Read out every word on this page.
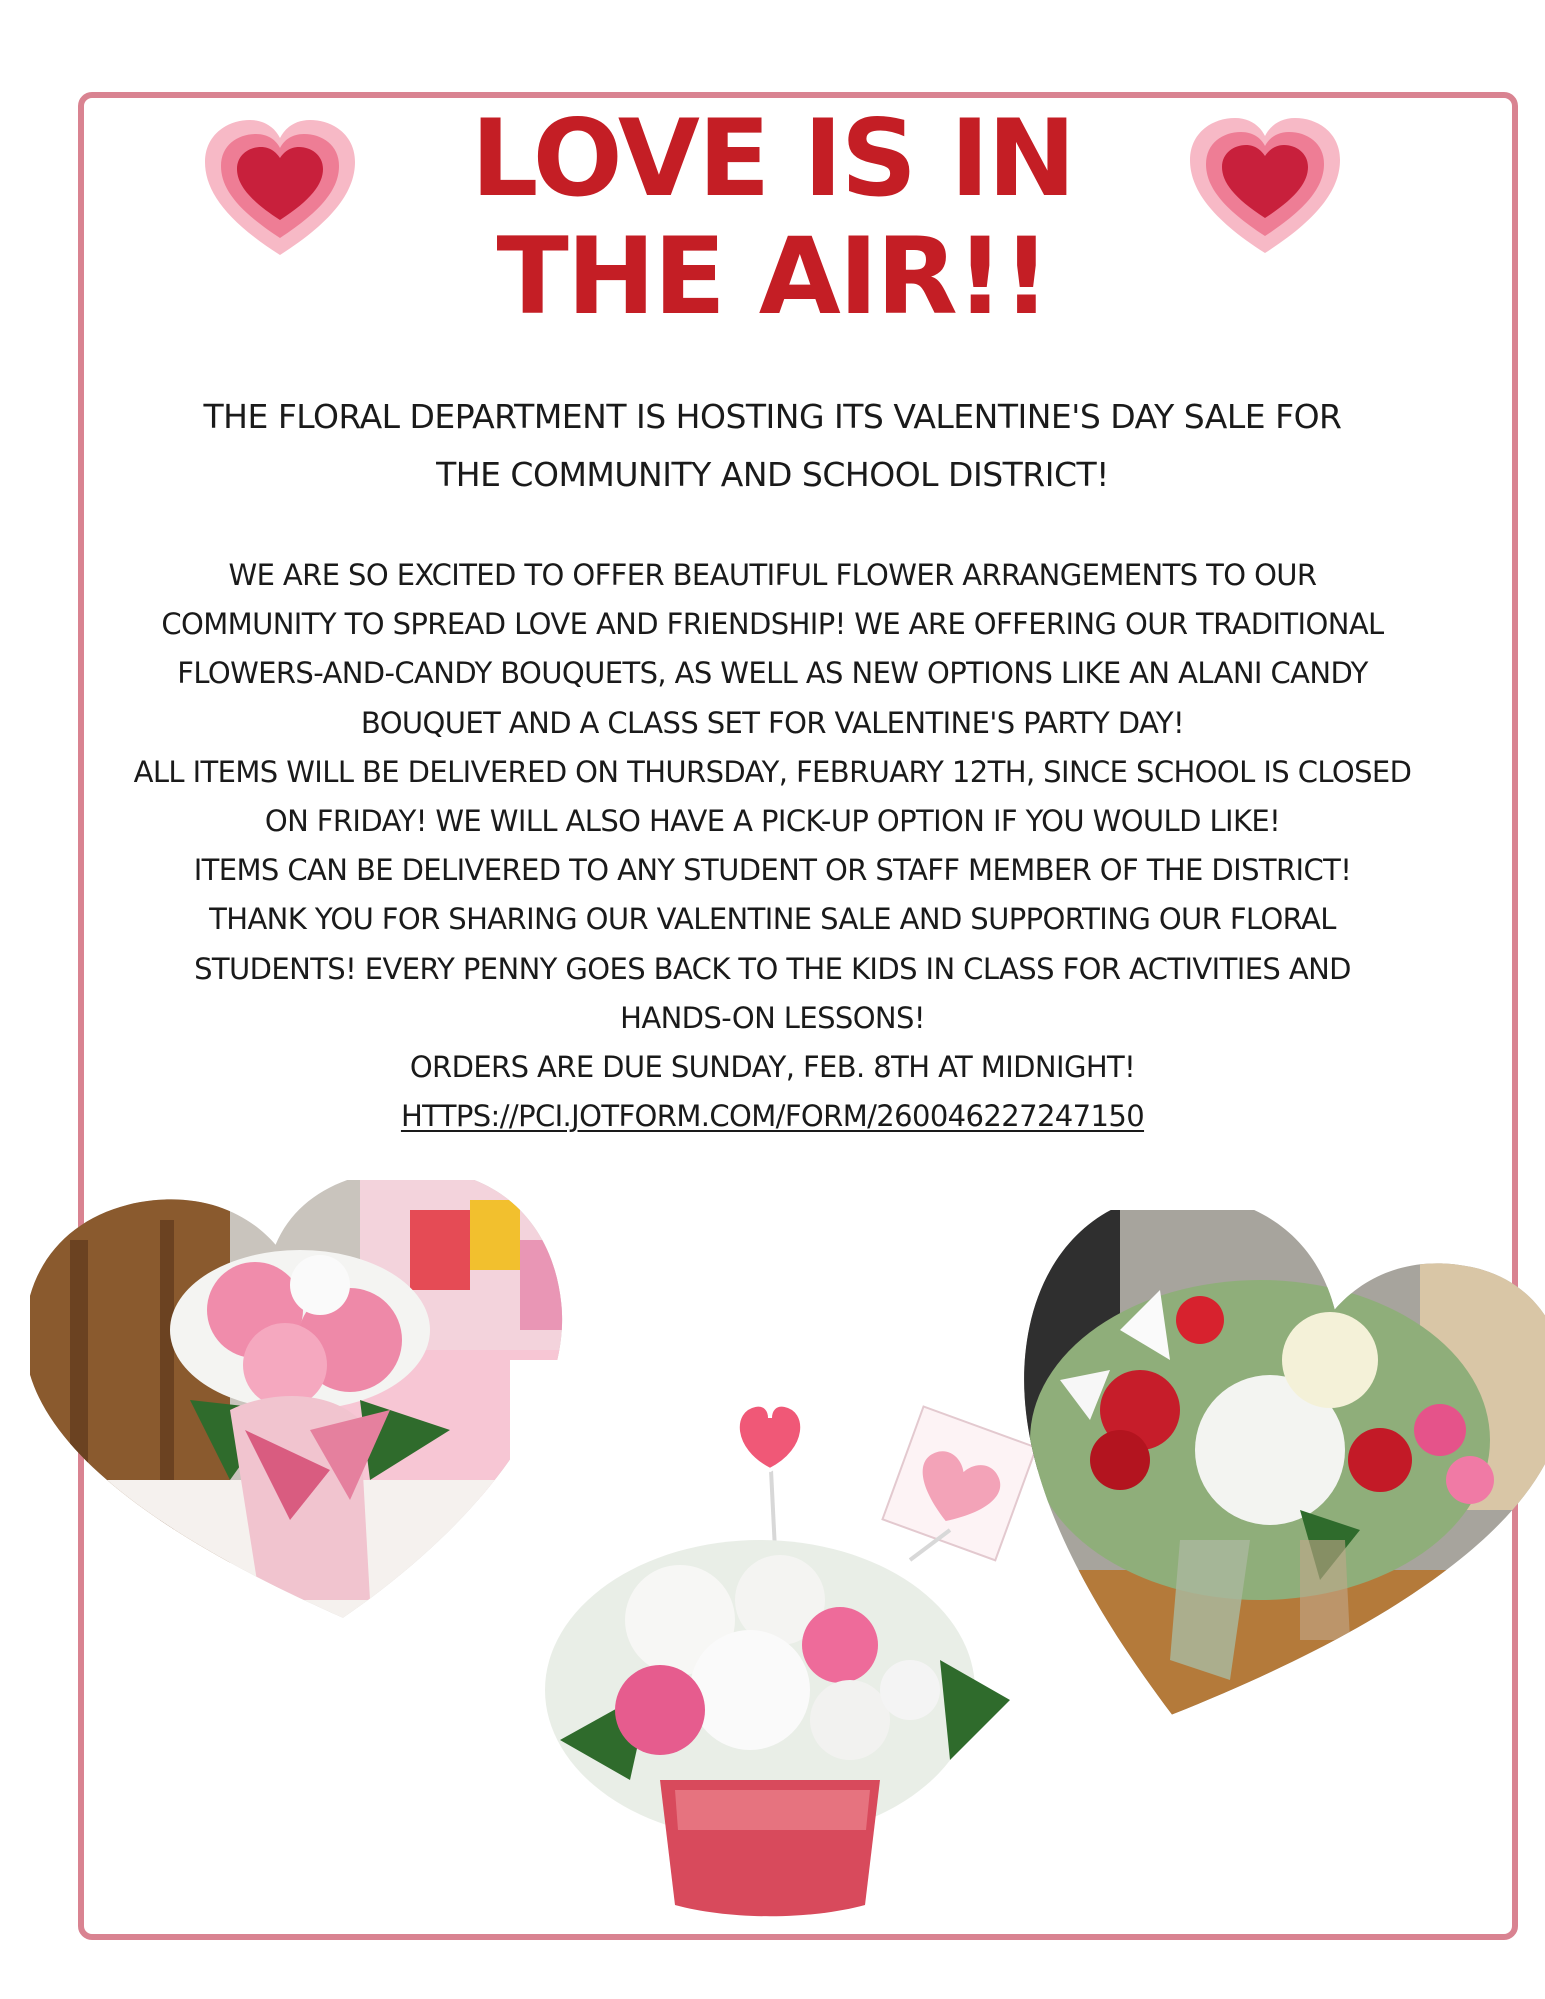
LOVE IS IN
THE AIR!!

THE FLORAL DEPARTMENT IS HOSTING ITS VALENTINE'S DAY SALE FOR
THE COMMUNITY AND SCHOOL DISTRICT!

WE ARE SO EXCITED TO OFFER BEAUTIFUL FLOWER ARRANGEMENTS TO OUR
COMMUNITY TO SPREAD LOVE AND FRIENDSHIP! WE ARE OFFERING OUR TRADITIONAL
FLOWERS-AND-CANDY BOUQUETS, AS WELL AS NEW OPTIONS LIKE AN ALANI CANDY
BOUQUET AND A CLASS SET FOR VALENTINE'S PARTY DAY!
ALL ITEMS WILL BE DELIVERED ON THURSDAY, FEBRUARY 12TH, SINCE SCHOOL IS CLOSED
ON FRIDAY! WE WILL ALSO HAVE A PICK-UP OPTION IF YOU WOULD LIKE!
ITEMS CAN BE DELIVERED TO ANY STUDENT OR STAFF MEMBER OF THE DISTRICT!
THANK YOU FOR SHARING OUR VALENTINE SALE AND SUPPORTING OUR FLORAL
STUDENTS! EVERY PENNY GOES BACK TO THE KIDS IN CLASS FOR ACTIVITIES AND
HANDS-ON LESSONS!
ORDERS ARE DUE SUNDAY, FEB. 8TH AT MIDNIGHT!
HTTPS://PCI.JOTFORM.COM/FORM/260046227247150
